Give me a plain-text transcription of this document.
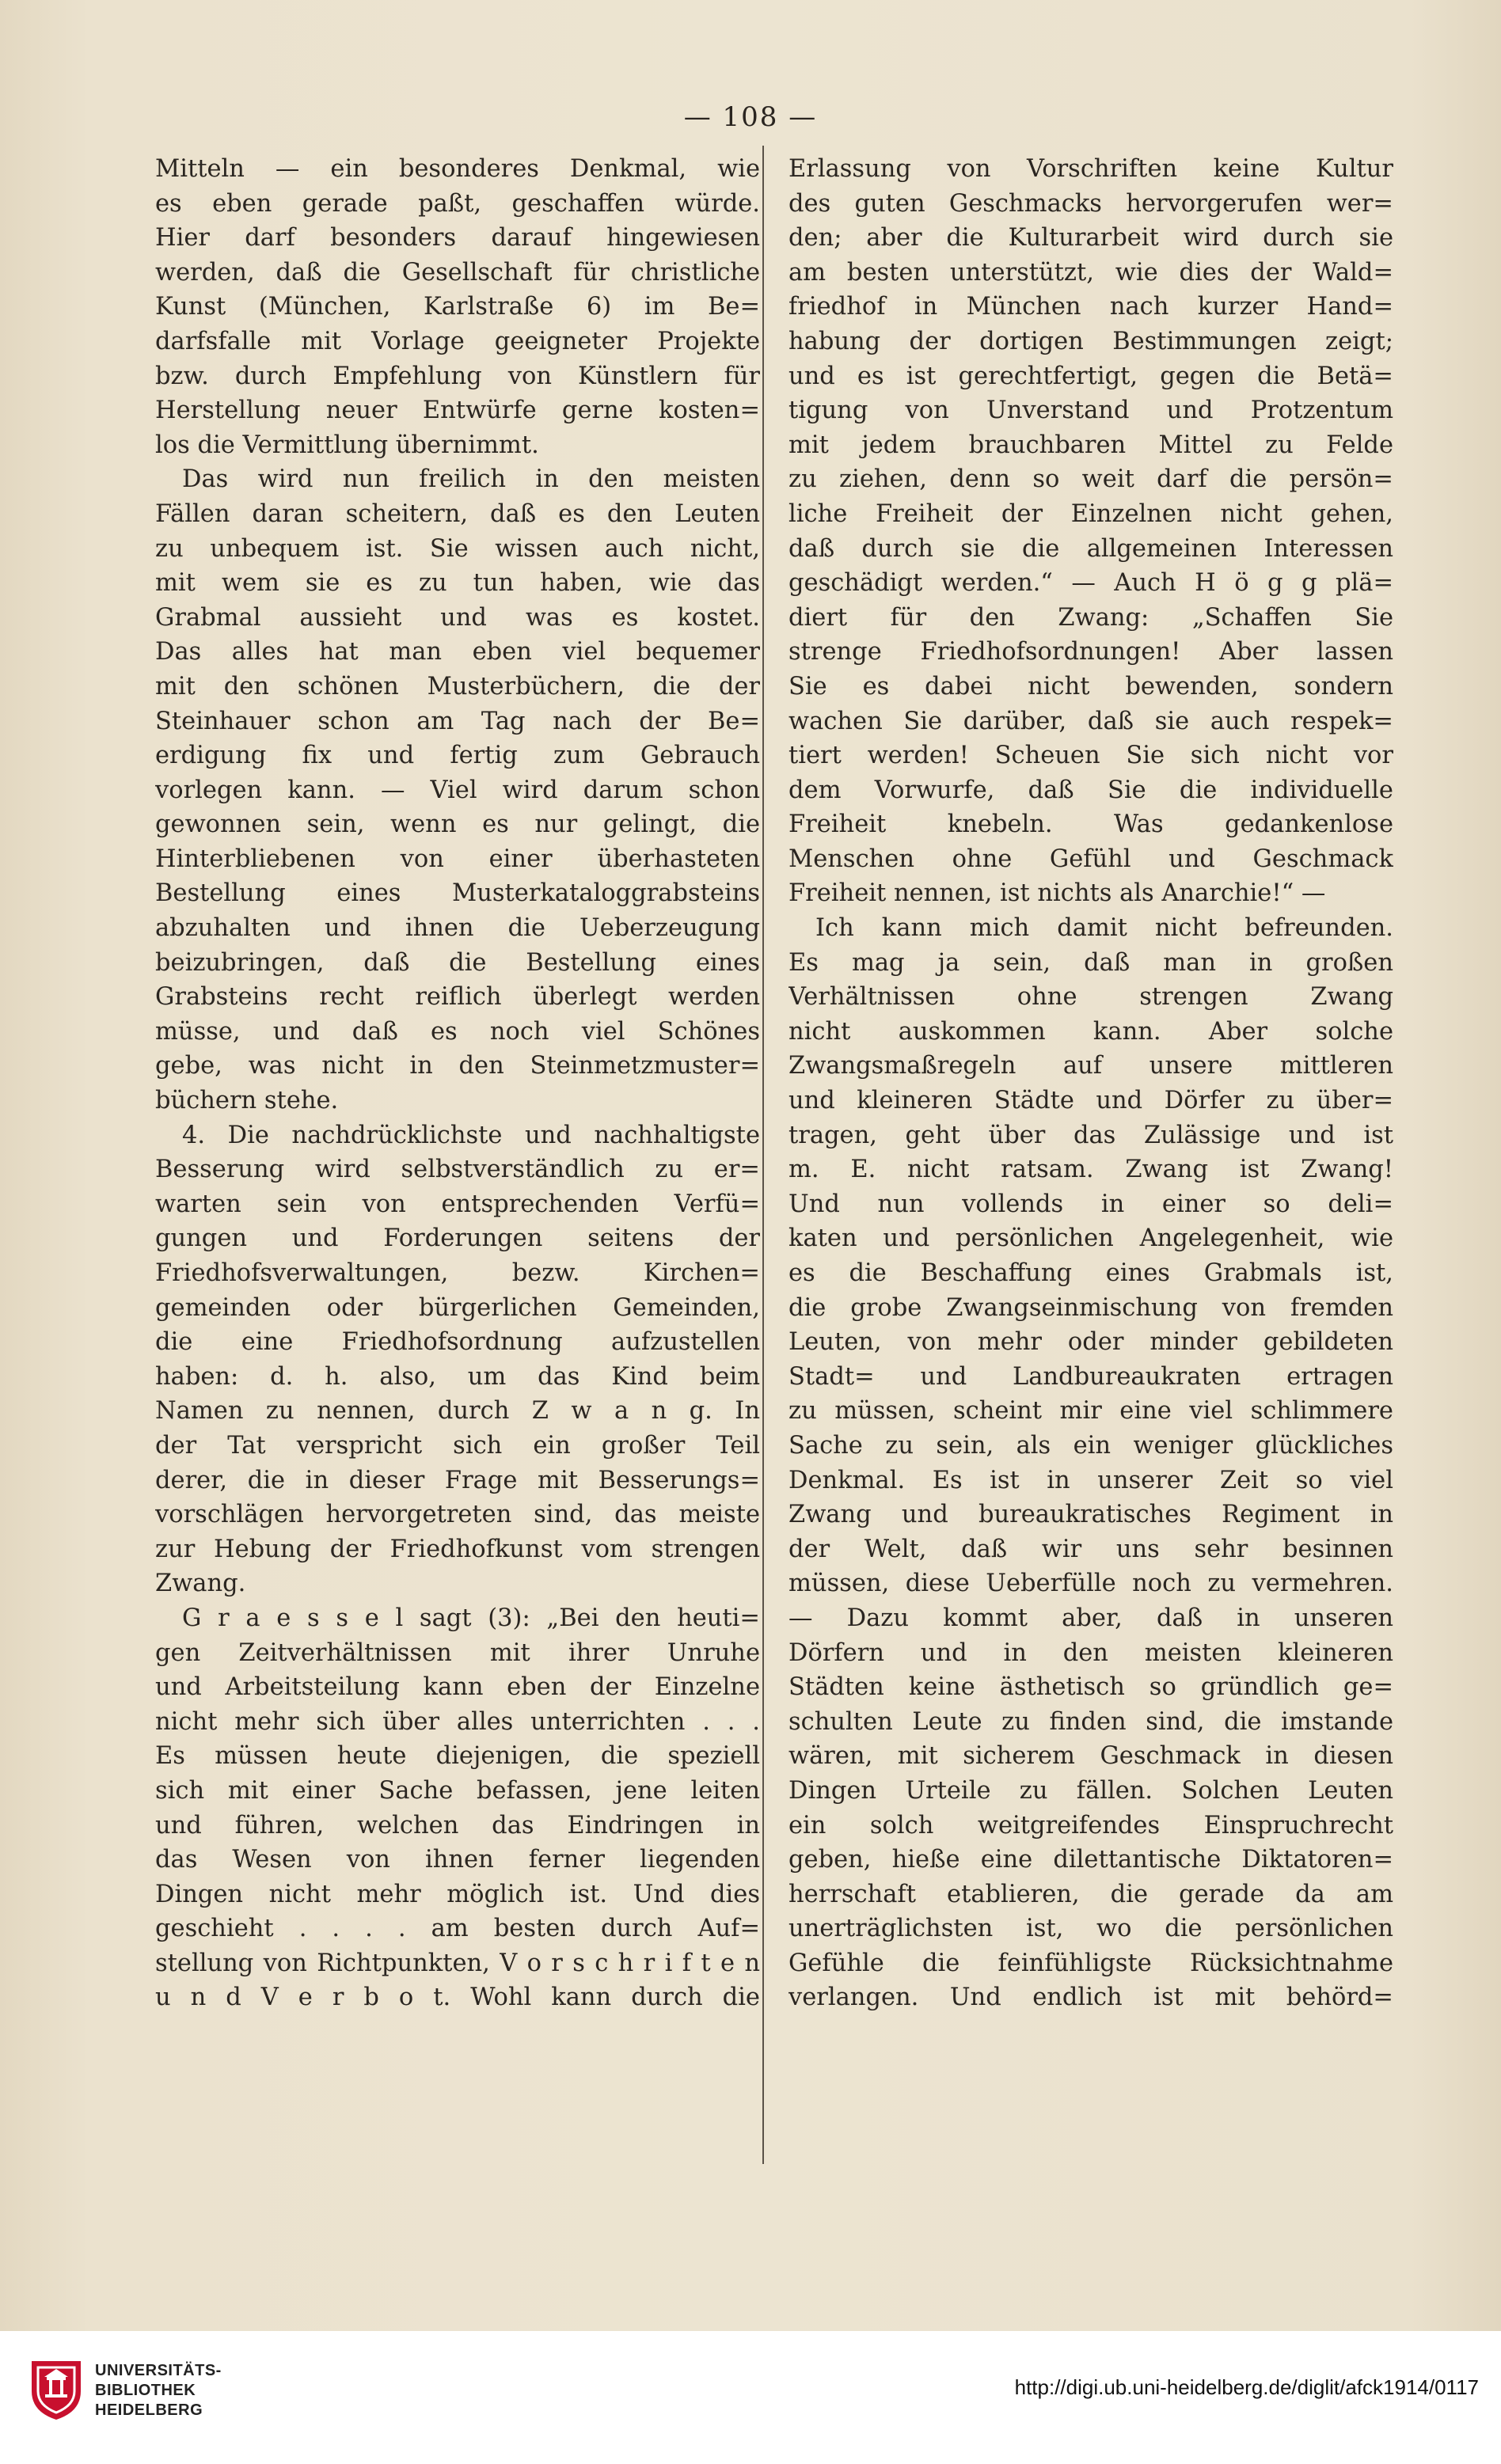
— 108 —
Mitteln — ein besonderes Denkmal, wie
es eben gerade paßt, geschaffen würde.
Hier darf besonders darauf hingewiesen
werden, daß die Gesellschaft für christliche
Kunst (München, Karlstraße 6) im Be=
darfsfalle mit Vorlage geeigneter Projekte
bzw. durch Empfehlung von Künstlern für
Herstellung neuer Entwürfe gerne kosten=
los die Vermittlung übernimmt.
Das wird nun freilich in den meisten
Fällen daran scheitern, daß es den Leuten
zu unbequem ist. Sie wissen auch nicht,
mit wem sie es zu tun haben, wie das
Grabmal aussieht und was es kostet.
Das alles hat man eben viel bequemer
mit den schönen Musterbüchern, die der
Steinhauer schon am Tag nach der Be=
erdigung fix und fertig zum Gebrauch
vorlegen kann. — Viel wird darum schon
gewonnen sein, wenn es nur gelingt, die
Hinterbliebenen von einer überhasteten
Bestellung eines Musterkataloggrabsteins
abzuhalten und ihnen die Ueberzeugung
beizubringen, daß die Bestellung eines
Grabsteins recht reiflich überlegt werden
müsse, und daß es noch viel Schönes
gebe, was nicht in den Steinmetzmuster=
büchern stehe.
4. Die nachdrücklichste und nachhaltigste
Besserung wird selbstverständlich zu er=
warten sein von entsprechenden Verfü=
gungen und Forderungen seitens der
Friedhofsverwaltungen, bezw. Kirchen=
gemeinden oder bürgerlichen Gemeinden,
die eine Friedhofsordnung aufzustellen
haben: d. h. also, um das Kind beim
Namen zu nennen, durch Z w a n g. In
der Tat verspricht sich ein großer Teil
derer, die in dieser Frage mit Besserungs=
vorschlägen hervorgetreten sind, das meiste
zur Hebung der Friedhofkunst vom strengen
Zwang.
G r a e s s e l sagt (3): „Bei den heuti=
gen Zeitverhältnissen mit ihrer Unruhe
und Arbeitsteilung kann eben der Einzelne
nicht mehr sich über alles unterrichten . . .
Es müssen heute diejenigen, die speziell
sich mit einer Sache befassen, jene leiten
und führen, welchen das Eindringen in
das Wesen von ihnen ferner liegenden
Dingen nicht mehr möglich ist. Und dies
geschieht . . . . am besten durch Auf=
stellung von Richtpunkten, V o r s c h r i f t e n
u n d V e r b o t. Wohl kann durch die
Erlassung von Vorschriften keine Kultur
des guten Geschmacks hervorgerufen wer=
den; aber die Kulturarbeit wird durch sie
am besten unterstützt, wie dies der Wald=
friedhof in München nach kurzer Hand=
habung der dortigen Bestimmungen zeigt;
und es ist gerechtfertigt, gegen die Betä=
tigung von Unverstand und Protzentum
mit jedem brauchbaren Mittel zu Felde
zu ziehen, denn so weit darf die persön=
liche Freiheit der Einzelnen nicht gehen,
daß durch sie die allgemeinen Interessen
geschädigt werden.“ — Auch H ö g g plä=
diert für den Zwang: „Schaffen Sie
strenge Friedhofsordnungen! Aber lassen
Sie es dabei nicht bewenden, sondern
wachen Sie darüber, daß sie auch respek=
tiert werden! Scheuen Sie sich nicht vor
dem Vorwurfe, daß Sie die individuelle
Freiheit knebeln. Was gedankenlose
Menschen ohne Gefühl und Geschmack
Freiheit nennen, ist nichts als Anarchie!“ —
Ich kann mich damit nicht befreunden.
Es mag ja sein, daß man in großen
Verhältnissen ohne strengen Zwang
nicht auskommen kann. Aber solche
Zwangsmaßregeln auf unsere mittleren
und kleineren Städte und Dörfer zu über=
tragen, geht über das Zulässige und ist
m. E. nicht ratsam. Zwang ist Zwang!
Und nun vollends in einer so deli=
katen und persönlichen Angelegenheit, wie
es die Beschaffung eines Grabmals ist,
die grobe Zwangseinmischung von fremden
Leuten, von mehr oder minder gebildeten
Stadt= und Landbureaukraten ertragen
zu müssen, scheint mir eine viel schlimmere
Sache zu sein, als ein weniger glückliches
Denkmal. Es ist in unserer Zeit so viel
Zwang und bureaukratisches Regiment in
der Welt, daß wir uns sehr besinnen
müssen, diese Ueberfülle noch zu vermehren.
— Dazu kommt aber, daß in unseren
Dörfern und in den meisten kleineren
Städten keine ästhetisch so gründlich ge=
schulten Leute zu finden sind, die imstande
wären, mit sicherem Geschmack in diesen
Dingen Urteile zu fällen. Solchen Leuten
ein solch weitgreifendes Einspruchrecht
geben, hieße eine dilettantische Diktatoren=
herrschaft etablieren, die gerade da am
unerträglichsten ist, wo die persönlichen
Gefühle die feinfühligste Rücksichtnahme
verlangen. Und endlich ist mit behörd=
UNIVERSITÄTS-
BIBLIOTHEK
HEIDELBERG
http://digi.ub.uni-heidelberg.de/diglit/afck1914/0117
